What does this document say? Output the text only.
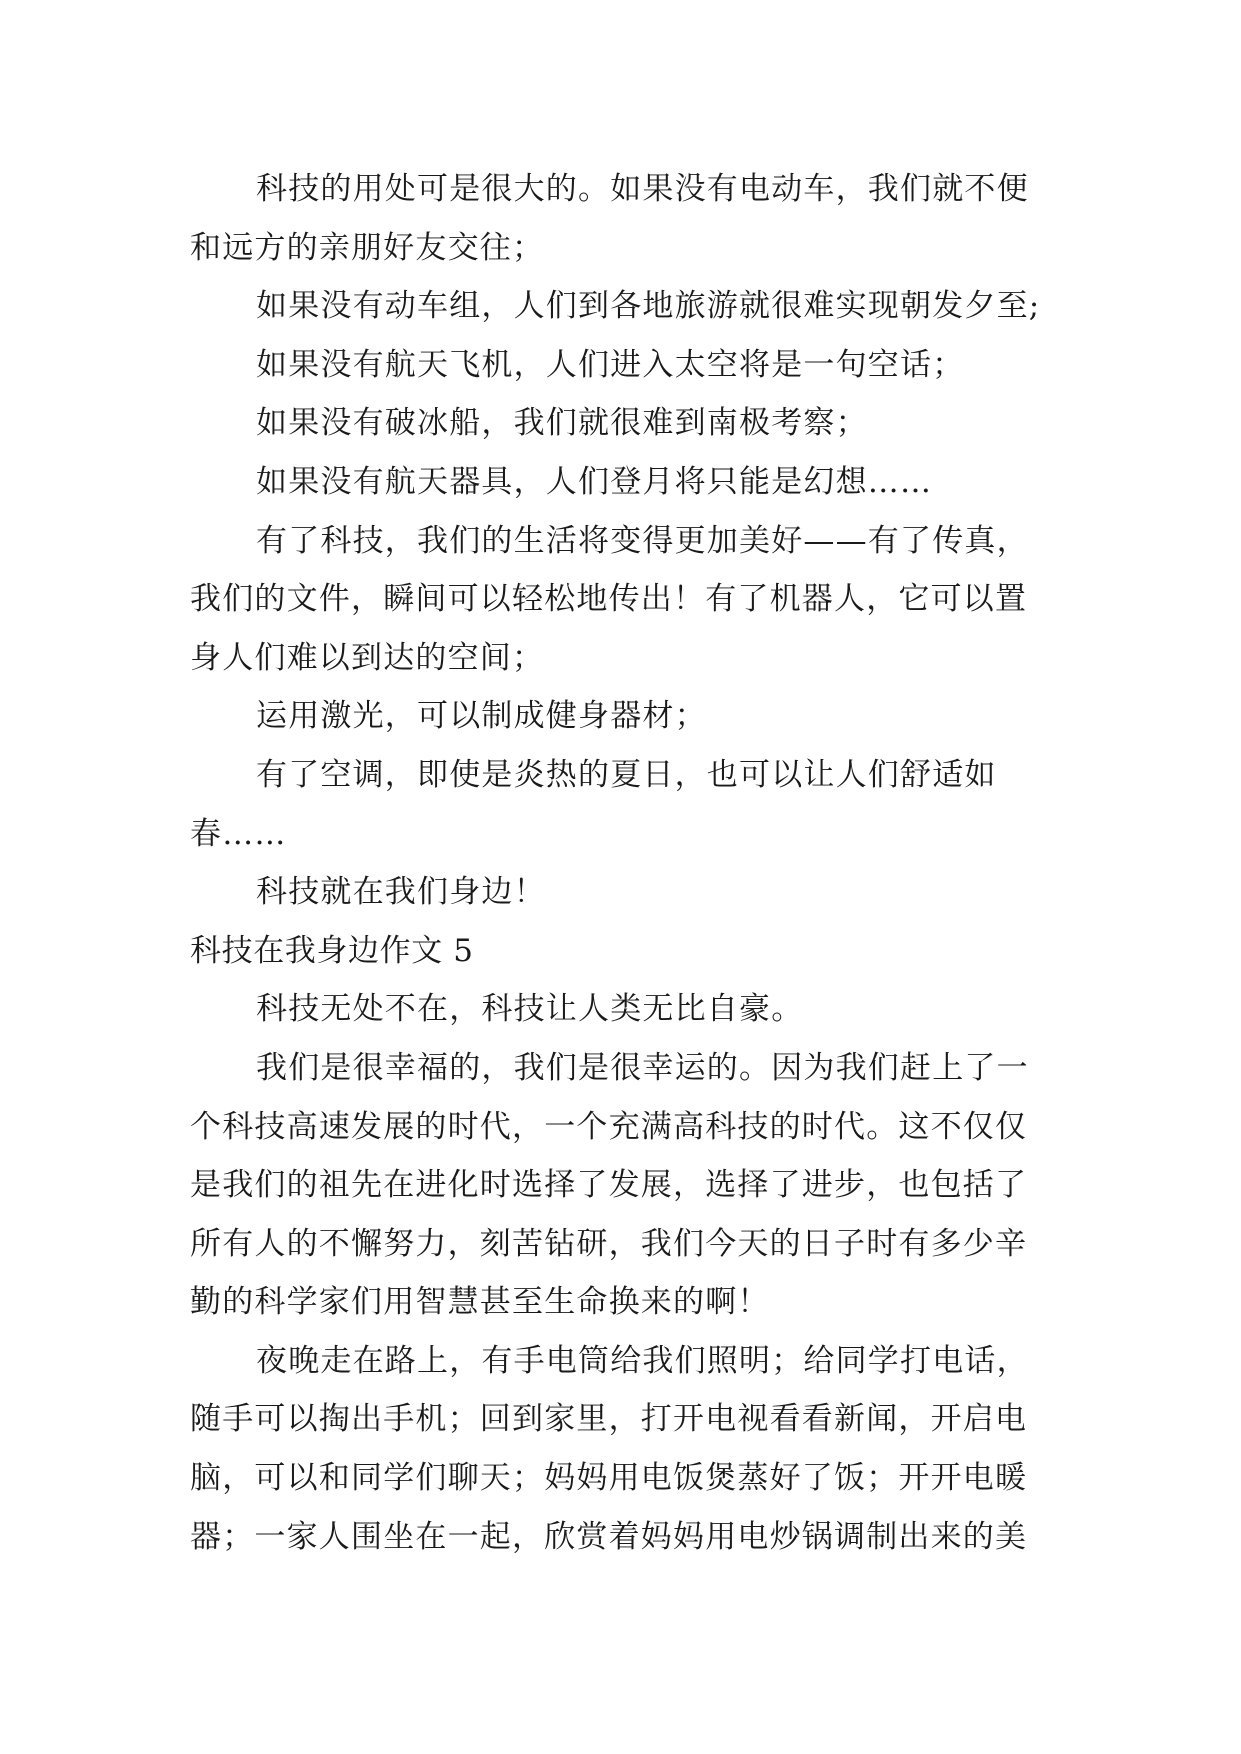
科技的用处可是很大的。如果没有电动车，我们就不便
和远方的亲朋好友交往；
如果没有动车组，人们到各地旅游就很难实现朝发夕至;
如果没有航天飞机，人们进入太空将是一句空话；
如果没有破冰船，我们就很难到南极考察；
如果没有航天器具，人们登月将只能是幻想……
有了科技，我们的生活将变得更加美好——有了传真，
我们的文件，瞬间可以轻松地传出！有了机器人，它可以置
身人们难以到达的空间；
运用激光，可以制成健身器材；
有了空调，即使是炎热的夏日，也可以让人们舒适如
春……
科技就在我们身边！
科技在我身边作文 5
科技无处不在，科技让人类无比自豪。
我们是很幸福的，我们是很幸运的。因为我们赶上了一
个科技高速发展的时代，一个充满高科技的时代。这不仅仅
是我们的祖先在进化时选择了发展，选择了进步，也包括了
所有人的不懈努力，刻苦钻研，我们今天的日子时有多少辛
勤的科学家们用智慧甚至生命换来的啊！
夜晚走在路上，有手电筒给我们照明；给同学打电话，
随手可以掏出手机；回到家里，打开电视看看新闻，开启电
脑，可以和同学们聊天；妈妈用电饭煲蒸好了饭；开开电暖
器；一家人围坐在一起，欣赏着妈妈用电炒锅调制出来的美
